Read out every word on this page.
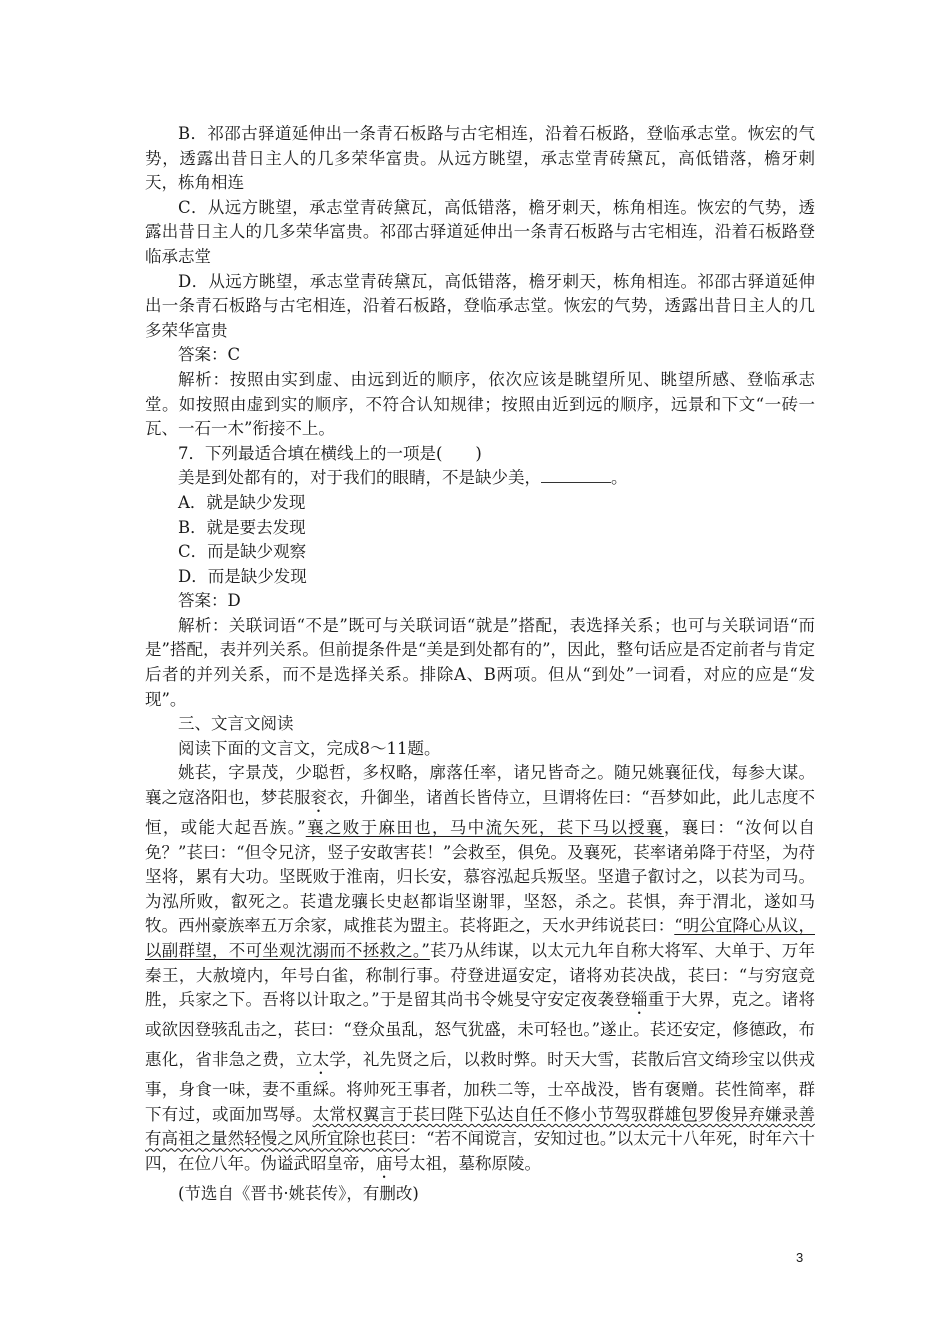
B．祁邵古驿道延伸出一条青石板路与古宅相连，沿着石板路，登临承志堂。恢宏的气势，透露出昔日主人的几多荣华富贵。从远方眺望，承志堂青砖黛瓦，高低错落，檐牙刺天，栋角相连

C．从远方眺望，承志堂青砖黛瓦，高低错落，檐牙刺天，栋角相连。恢宏的气势，透露出昔日主人的几多荣华富贵。祁邵古驿道延伸出一条青石板路与古宅相连，沿着石板路登临承志堂

D．从远方眺望，承志堂青砖黛瓦，高低错落，檐牙刺天，栋角相连。祁邵古驿道延伸出一条青石板路与古宅相连，沿着石板路，登临承志堂。恢宏的气势，透露出昔日主人的几多荣华富贵

答案：C

解析：按照由实到虚、由远到近的顺序，依次应该是眺望所见、眺望所感、登临承志堂。如按照由虚到实的顺序，不符合认知规律；按照由近到远的顺序，远景和下文“一砖一瓦、一石一木”衔接不上。

7．下列最适合填在横线上的一项是(　　)

美是到处都有的，对于我们的眼睛，不是缺少美，	。

A．就是缺少发现

B．就是要去发现

C．而是缺少观察

D．而是缺少发现

答案：D

解析：关联词语“不是”既可与关联词语“就是”搭配，表选择关系；也可与关联词语“而是”搭配，表并列关系。但前提条件是“美是到处都有的”，因此，整句话应是否定前者与肯定后者的并列关系，而不是选择关系。排除A、B两项。但从“到处”一词看，对应的应是“发现”。

三、文言文阅读

阅读下面的文言文，完成8～11题。

姚苌，字景茂，少聪哲，多权略，廓落任率，诸兄皆奇之。随兄姚襄征伐，每参大谋。襄之寇洛阳也，梦苌服衮衣，升御坐，诸酋长皆侍立，旦谓将佐曰：“吾梦如此，此儿志度不恒，或能大起吾族。”襄之败于麻田也，马中流矢死，苌下马以授襄，襄曰：“汝何以自免？”苌曰：“但令兄济，竖子安敢害苌！”会救至，俱免。及襄死，苌率诸弟降于苻坚，为苻坚将，累有大功。坚既败于淮南，归长安，慕容泓起兵叛坚。坚遣子叡讨之，以苌为司马。为泓所败，叡死之。苌遣龙骧长史赵都诣坚谢罪，坚怒，杀之。苌惧，奔于渭北，遂如马牧。西州豪族率五万余家，咸推苌为盟主。苌将距之，天水尹纬说苌曰：“明公宜降心从议，以副群望，不可坐观沈溺而不拯救之。”苌乃从纬谋，以太元九年自称大将军、大单于、万年秦王，大赦境内，年号白雀，称制行事。苻登进逼安定，诸将劝苌决战，苌曰：“与穷寇竞胜，兵家之下。吾将以计取之。”于是留其尚书令姚旻守安定夜袭登辎重于大界，克之。诸将或欲因登骇乱击之，苌曰：“登众虽乱，怒气犹盛，未可轻也。”遂止。苌还安定，修德政，布惠化，省非急之费，立太学，礼先贤之后，以救时弊。时天大雪，苌散后宫文绮珍宝以供戎事，身食一味，妻不重綵。将帅死王事者，加秩二等，士卒战没，皆有褒赠。苌性简率，群下有过，或面加骂辱。太常权翼言于苌曰陛下弘达自任不修小节驾驭群雄包罗俊异弃嫌录善有高祖之量然轻慢之风所宜除也苌曰：“若不闻谠言，安知过也。”以太元十八年死，时年六十四，在位八年。伪谥武昭皇帝，庙号太祖，墓称原陵。

(节选自《晋书·姚苌传》，有删改)

3
